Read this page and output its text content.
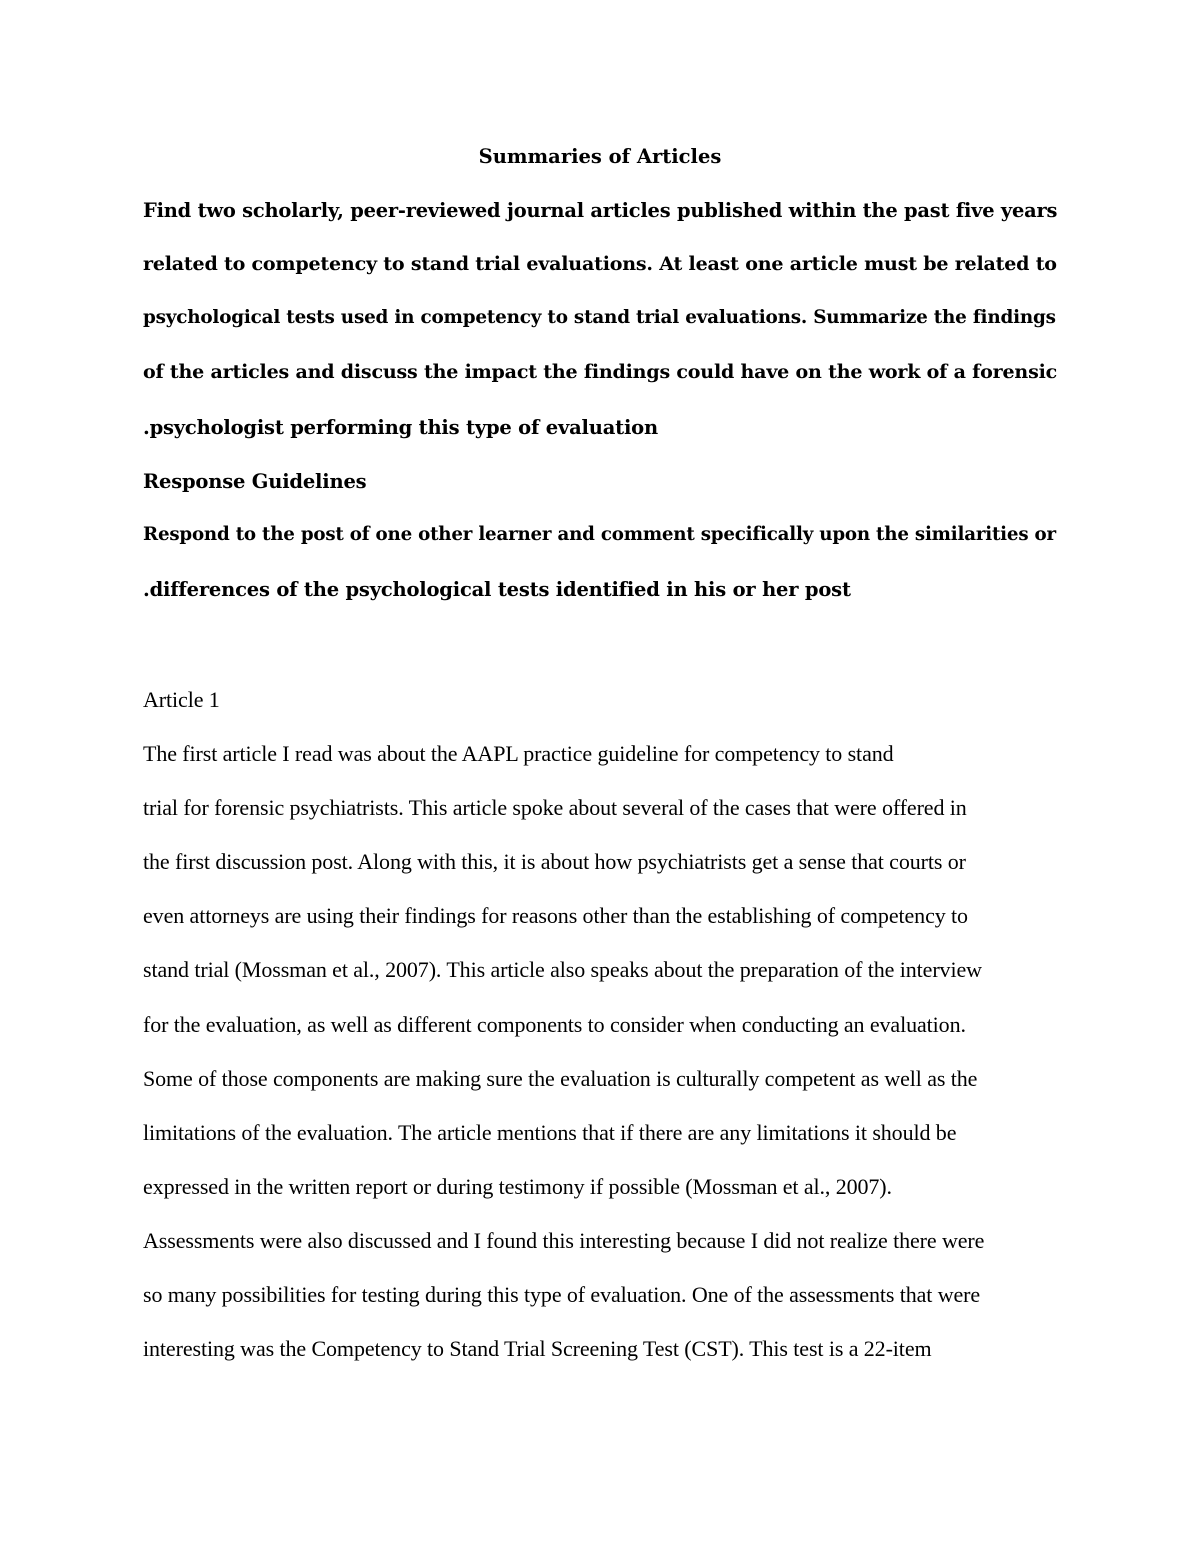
Summaries of Articles
Find two scholarly, peer-reviewed journal articles published within the past five years
related to competency to stand trial evaluations. At least one article must be related to
psychological tests used in competency to stand trial evaluations. Summarize the findings
of the articles and discuss the impact the findings could have on the work of a forensic
.psychologist performing this type of evaluation
Response Guidelines
Respond to the post of one other learner and comment specifically upon the similarities or
.differences of the psychological tests identified in his or her post
Article 1
The first article I read was about the AAPL practice guideline for competency to stand
trial for forensic psychiatrists. This article spoke about several of the cases that were offered in
the first discussion post. Along with this, it is about how psychiatrists get a sense that courts or
even attorneys are using their findings for reasons other than the establishing of competency to
stand trial (Mossman et al., 2007). This article also speaks about the preparation of the interview
for the evaluation, as well as different components to consider when conducting an evaluation.
Some of those components are making sure the evaluation is culturally competent as well as the
limitations of the evaluation. The article mentions that if there are any limitations it should be
expressed in the written report or during testimony if possible (Mossman et al., 2007).
Assessments were also discussed and I found this interesting because I did not realize there were
so many possibilities for testing during this type of evaluation. One of the assessments that were
interesting was the Competency to Stand Trial Screening Test (CST). This test is a 22-item
